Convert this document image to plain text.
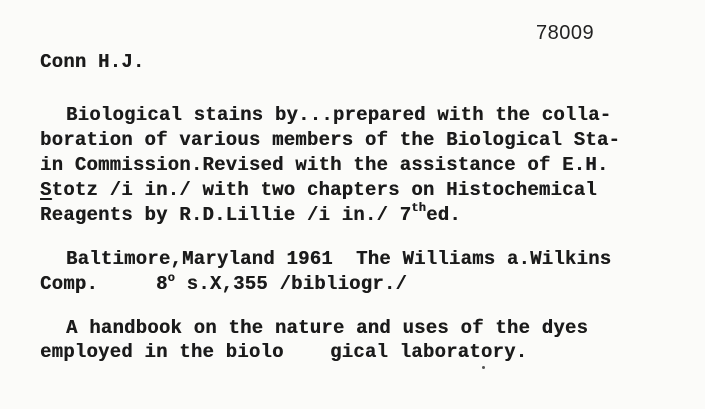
78009
Conn H.J.
Biological stains by...prepared with the colla-
boration of various members of the Biological Sta-
in Commission.Revised with the assistance of E.H.
Stotz /i in./ with two chapters on Histochemical
Reagents by R.D.Lillie /i in./ 7thed.
Baltimore,Maryland 1961  The Williams a.Wilkins
Comp.     8$^o$ s.X,355 /bibliogr./
A handbook on the nature and uses of the dyes
employed in the biolo    gical laboratory.
